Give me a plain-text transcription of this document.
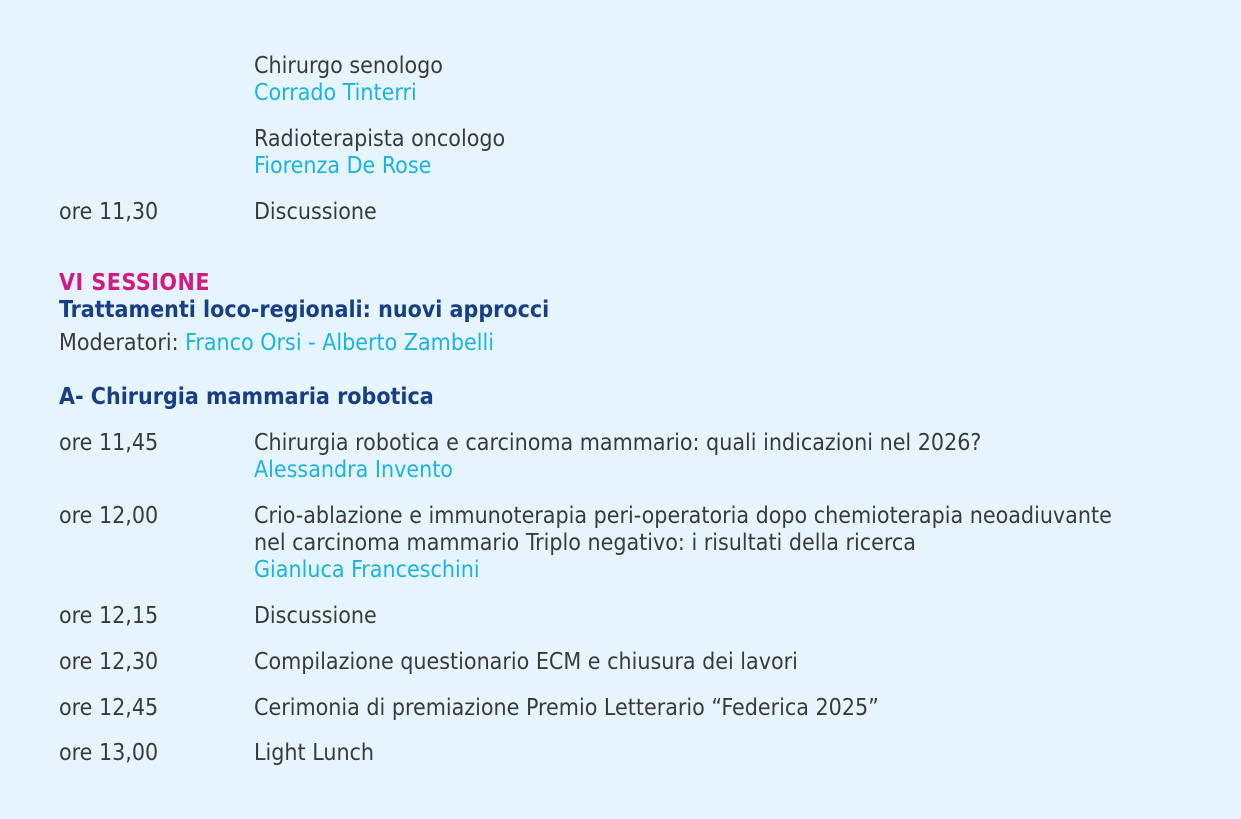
Chirurgo senologo
Corrado Tinterri
Radioterapista oncologo
Fiorenza De Rose
ore 11,30	Discussione
VI SESSIONE
Trattamenti loco-regionali: nuovi approcci
Moderatori: Franco Orsi - Alberto Zambelli
A- Chirurgia mammaria robotica
ore 11,45	Chirurgia robotica e carcinoma mammario: quali indicazioni nel 2026?
Alessandra Invento
ore 12,00	Crio-ablazione e immunoterapia peri-operatoria dopo chemioterapia neoadiuvante
nel carcinoma mammario Triplo negativo: i risultati della ricerca
Gianluca Franceschini
ore 12,15	Discussione
ore 12,30	Compilazione questionario ECM e chiusura dei lavori
ore 12,45	Cerimonia di premiazione Premio Letterario “Federica 2025”
ore 13,00	Light Lunch
